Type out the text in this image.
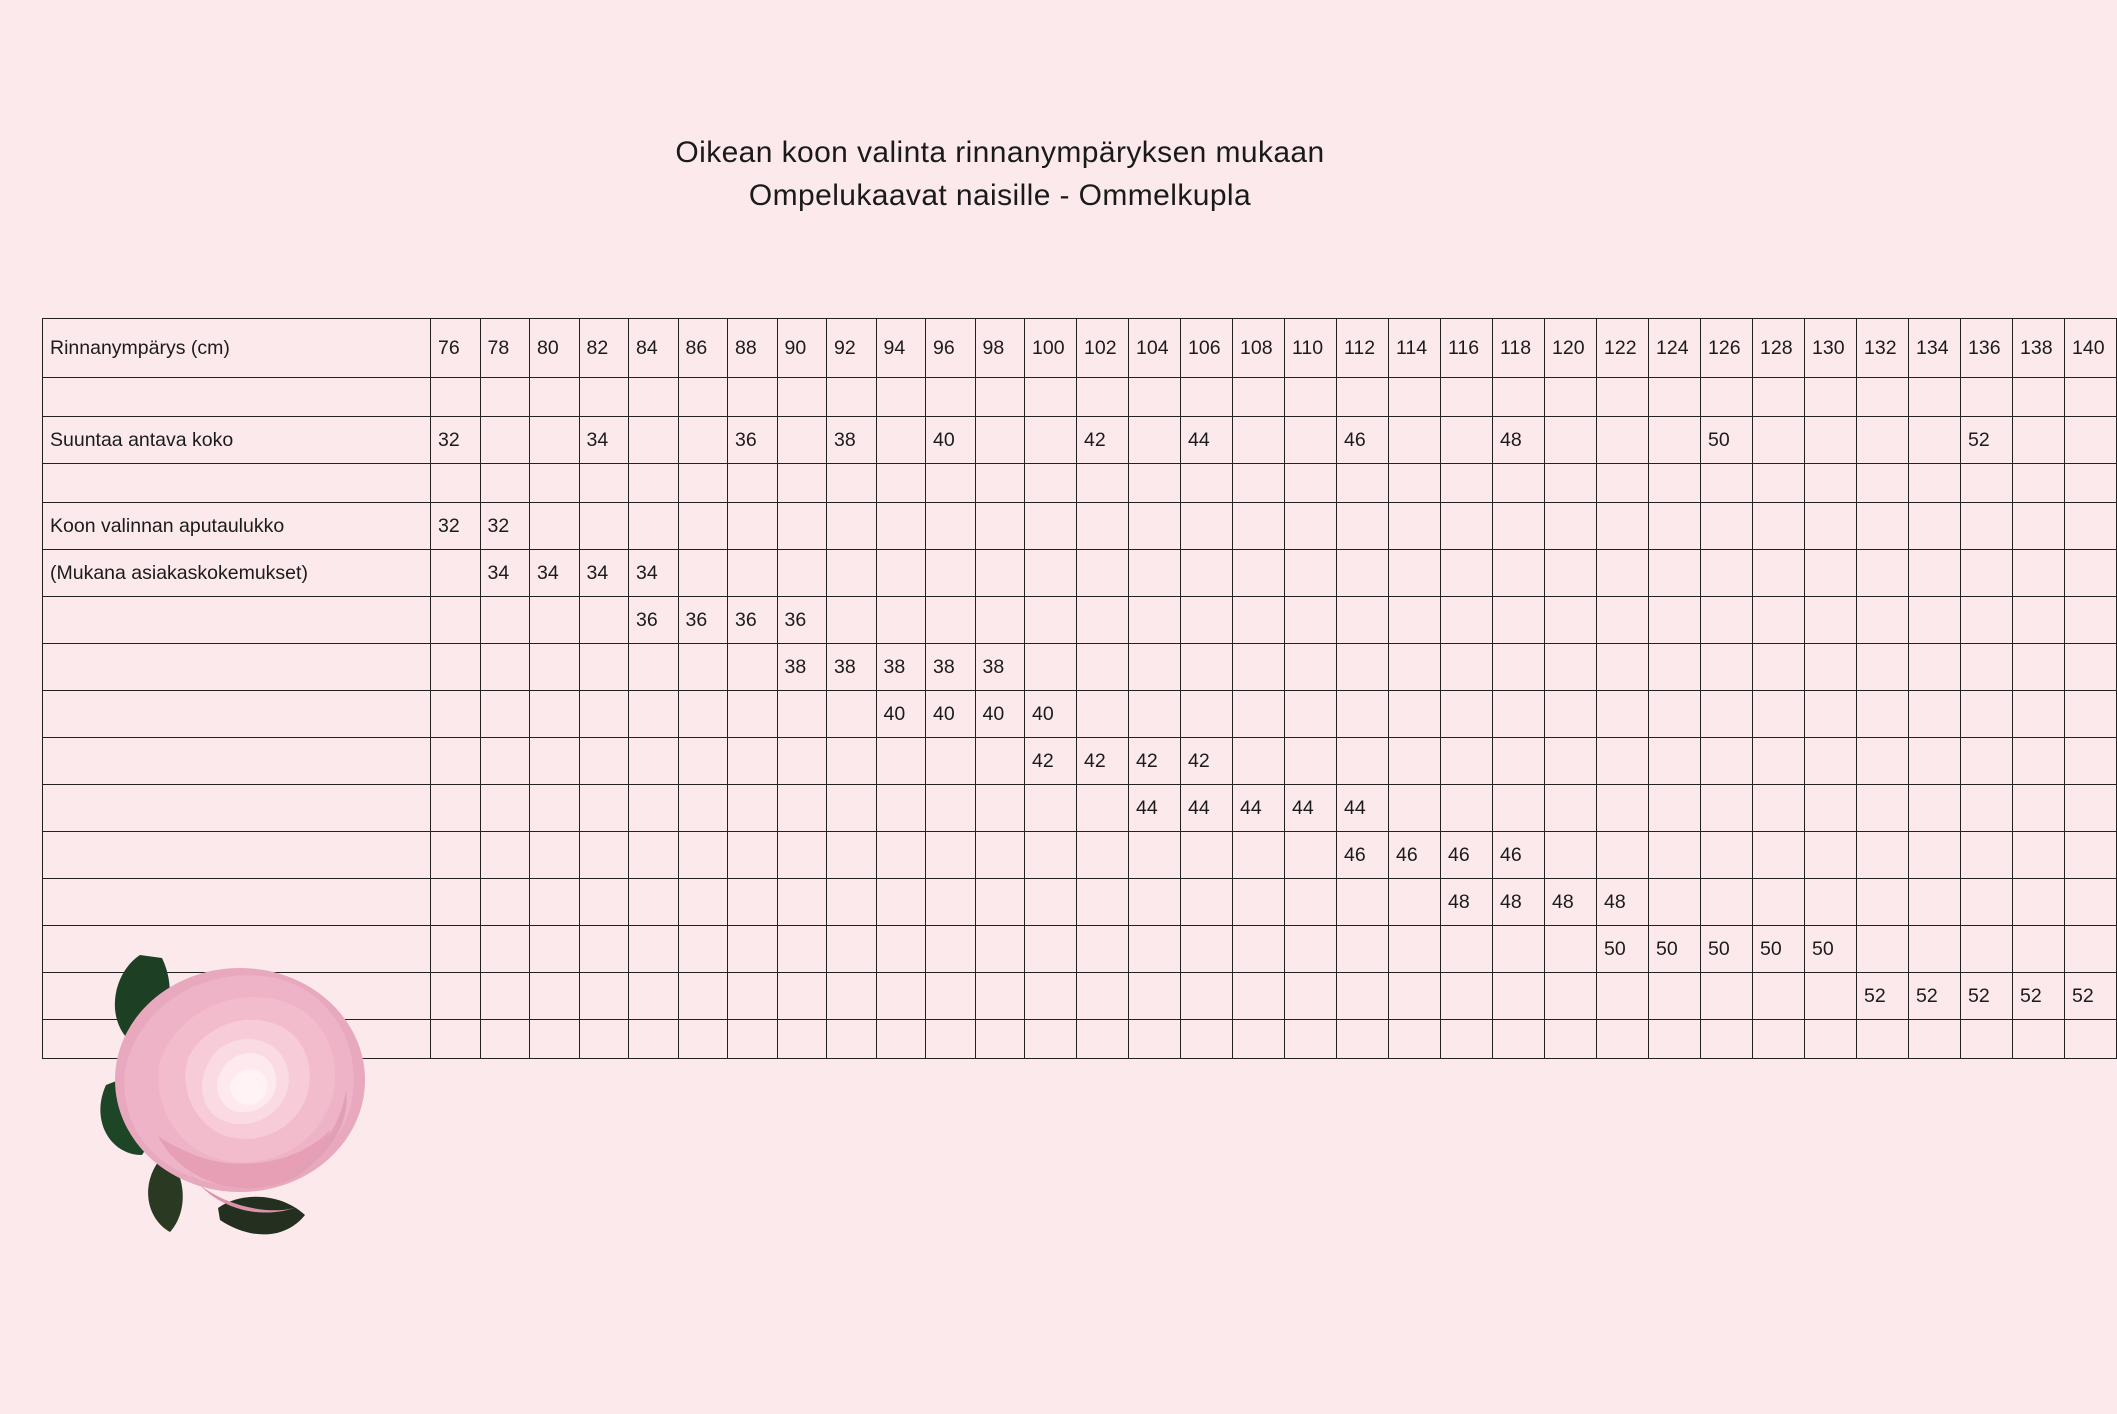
Oikean koon valinta rinnanympäryksen mukaan
Ompelukaavat naisille - Ommelkupla
Rinnanympärys (cm)	76	78	80	82	84	86	88	90	92	94	96	98	100	102	104	106	108	110	112	114	116	118	120	122	124	126	128	130	132	134	136	138	140

Suuntaa antava koko	32			34			36		38		40			42		44			46			48				50					52		

Koon valinnan aputaulukko	32	32																															
(Mukana asiakaskokemukset)		34	34	34	34																												
					36	36	36	36																									
								38	38	38	38	38																					
										40	40	40	40																				
													42	42	42	42																	
															44	44	44	44	44														
																			46	46	46	46											
																					48	48	48	48									
																								50	50	50	50	50					
																													52	52	52	52	52
